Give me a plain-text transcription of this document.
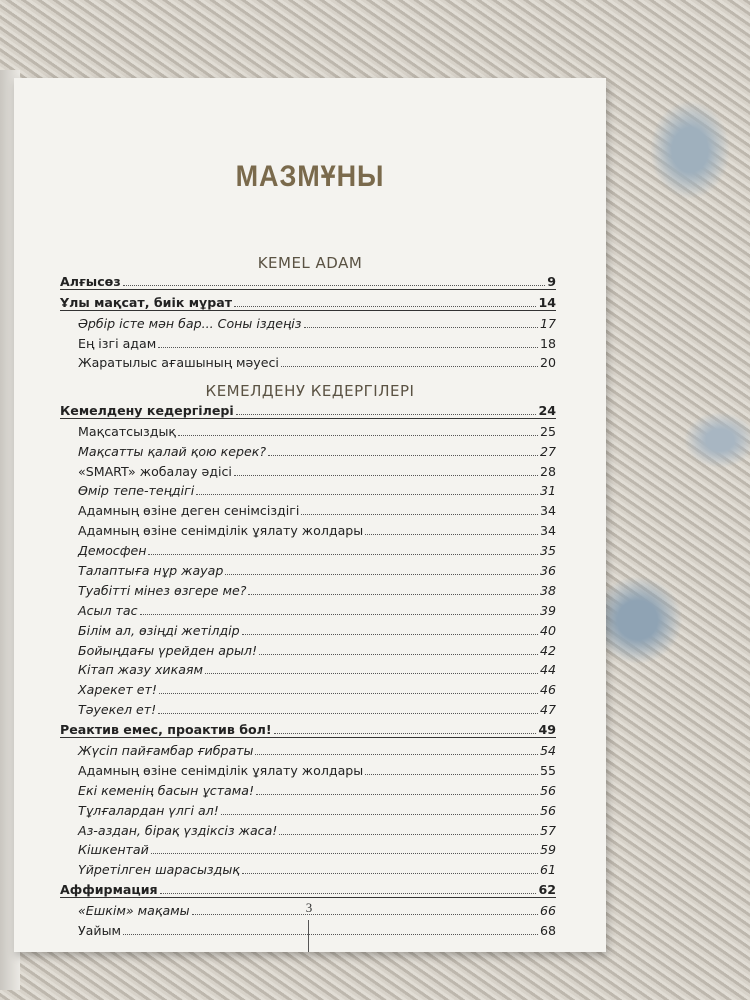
МАЗМҰНЫ
KEMEL ADAM
Алғысөз	9
Ұлы мақсат, биік мұрат	14
Әрбір істе мән бар... Соны іздеңіз	17
Ең ізгі адам	18
Жаратылыс ағашының мәуесі	20
КЕМЕЛДЕНУ КЕДЕРГІЛЕРІ
Кемелдену кедергілері	24
Мақсатсыздық	25
Мақсатты қалай қою керек?	27
«SMART» жобалау әдісі	28
Өмір тепе-теңдігі	31
Адамның өзіне деген сенімсіздігі	34
Адамның өзіне сенімділік ұялату жолдары	34
Демосфен	35
Талаптыға нұр жауар	36
Туабітті мінез өзгере ме?	38
Асыл тас	39
Білім ал, өзіңді жетілдір	40
Бойыңдағы үрейден арыл!	42
Кітап жазу хикаям	44
Харекет ет!	46
Тәуекел ет!	47
Реактив емес, проактив бол!	49
Жүсіп пайғамбар ғибраты	54
Адамның өзіне сенімділік ұялату жолдары	55
Екі кеменің басын ұстама!	56
Тұлғалардан үлгі ал!	56
Аз-аздан, бірақ үздіксіз жаса!	57
Кішкентай	59
Үйретілген шарасыздық	61
Аффирмация	62
«Ешкім» мақамы	66
Уайым	68
3
